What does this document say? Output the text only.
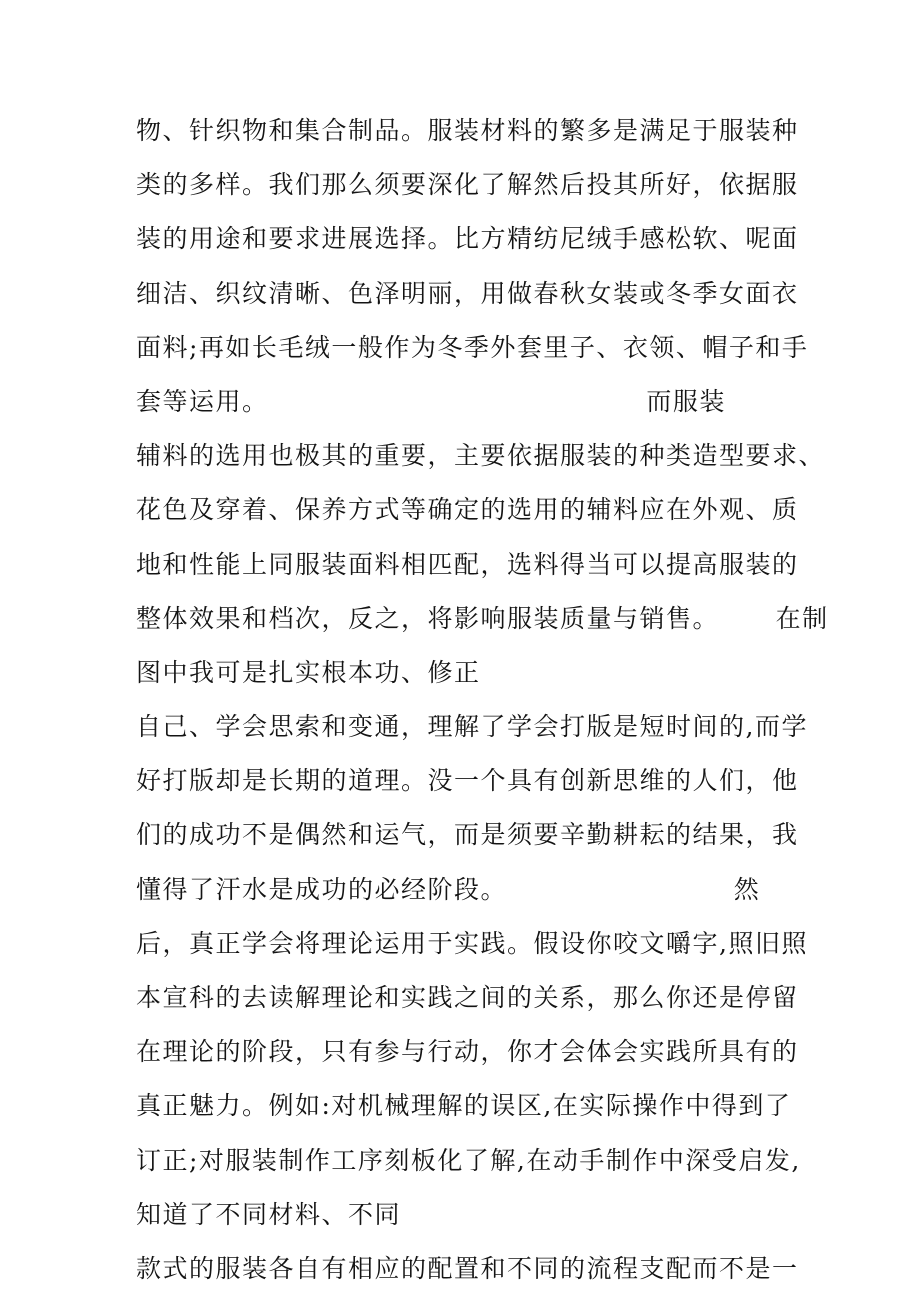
物、针织物和集合制品。服装材料的繁多是满足于服装种
类的多样。我们那么须要深化了解然后投其所好，依据服
装的用途和要求进展选择。比方精纺尼绒手感松软、呢面
细洁、织纹清晰、色泽明丽，用做春秋女装或冬季女面衣
面料;再如长毛绒一般作为冬季外套里子、衣领、帽子和手
套等运用。                                        而服装
辅料的选用也极其的重要，主要依据服装的种类造型要求、
花色及穿着、保养方式等确定的选用的辅料应在外观、质
地和性能上同服装面料相匹配，选料得当可以提高服装的
整体效果和档次，反之，将影响服装质量与销售。      在制
图中我可是扎实根本功、修正
自己、学会思索和变通，理解了学会打版是短时间的,而学
好打版却是长期的道理。没一个具有创新思维的人们，他
们的成功不是偶然和运气，而是须要辛勤耕耘的结果，我
懂得了汗水是成功的必经阶段。                        然
后，真正学会将理论运用于实践。假设你咬文嚼字,照旧照
本宣科的去读解理论和实践之间的关系，那么你还是停留
在理论的阶段，只有参与行动，你才会体会实践所具有的
真正魅力。例如:对机械理解的误区,在实际操作中得到了
订正;对服装制作工序刻板化了解,在动手制作中深受启发,
知道了不同材料、不同
款式的服装各自有相应的配置和不同的流程支配而不是一
